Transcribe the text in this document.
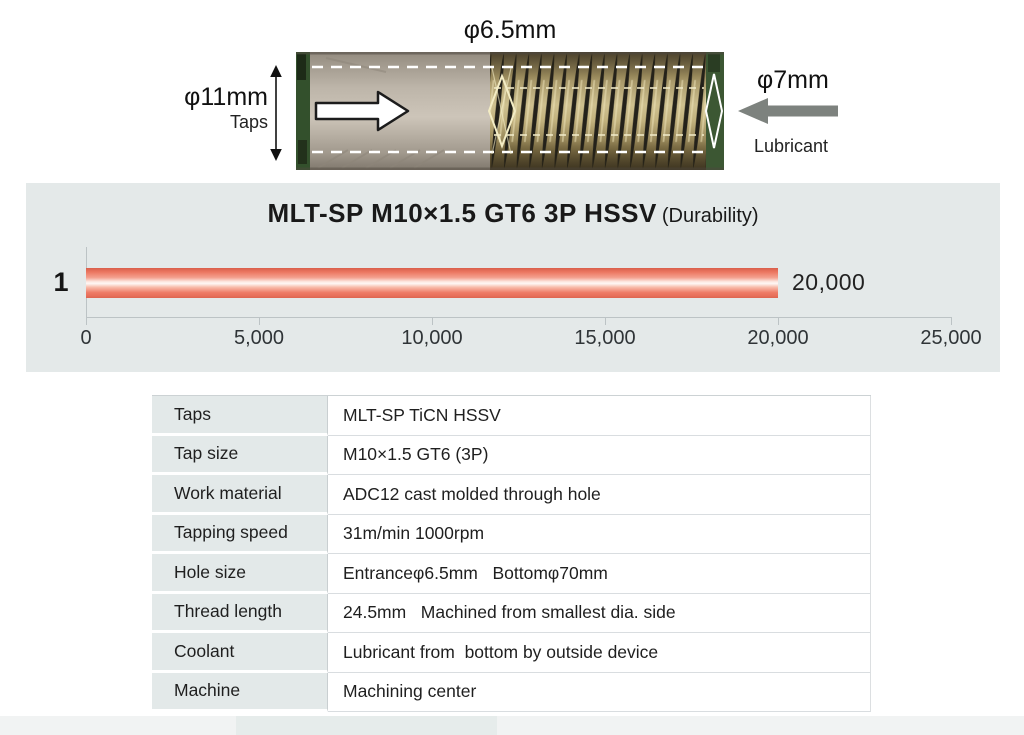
φ6.5mm
φ11mm
Taps
φ7mm
Lubricant
MLT-SP M10×1.5 GT6 3P HSSV (Durability)
1	20,000
0	5,000	10,000	15,000	20,000	25,000
Taps	MLT-SP TiCN HSSV
Tap size	M10×1.5 GT6 (3P)
Work material	ADC12 cast molded through hole
Tapping speed	31m/min 1000rpm
Hole size	Entranceφ6.5mm   Bottomφ70mm
Thread length	24.5mm   Machined from smallest dia. side
Coolant	Lubricant from  bottom by outside device
Machine	Machining center
